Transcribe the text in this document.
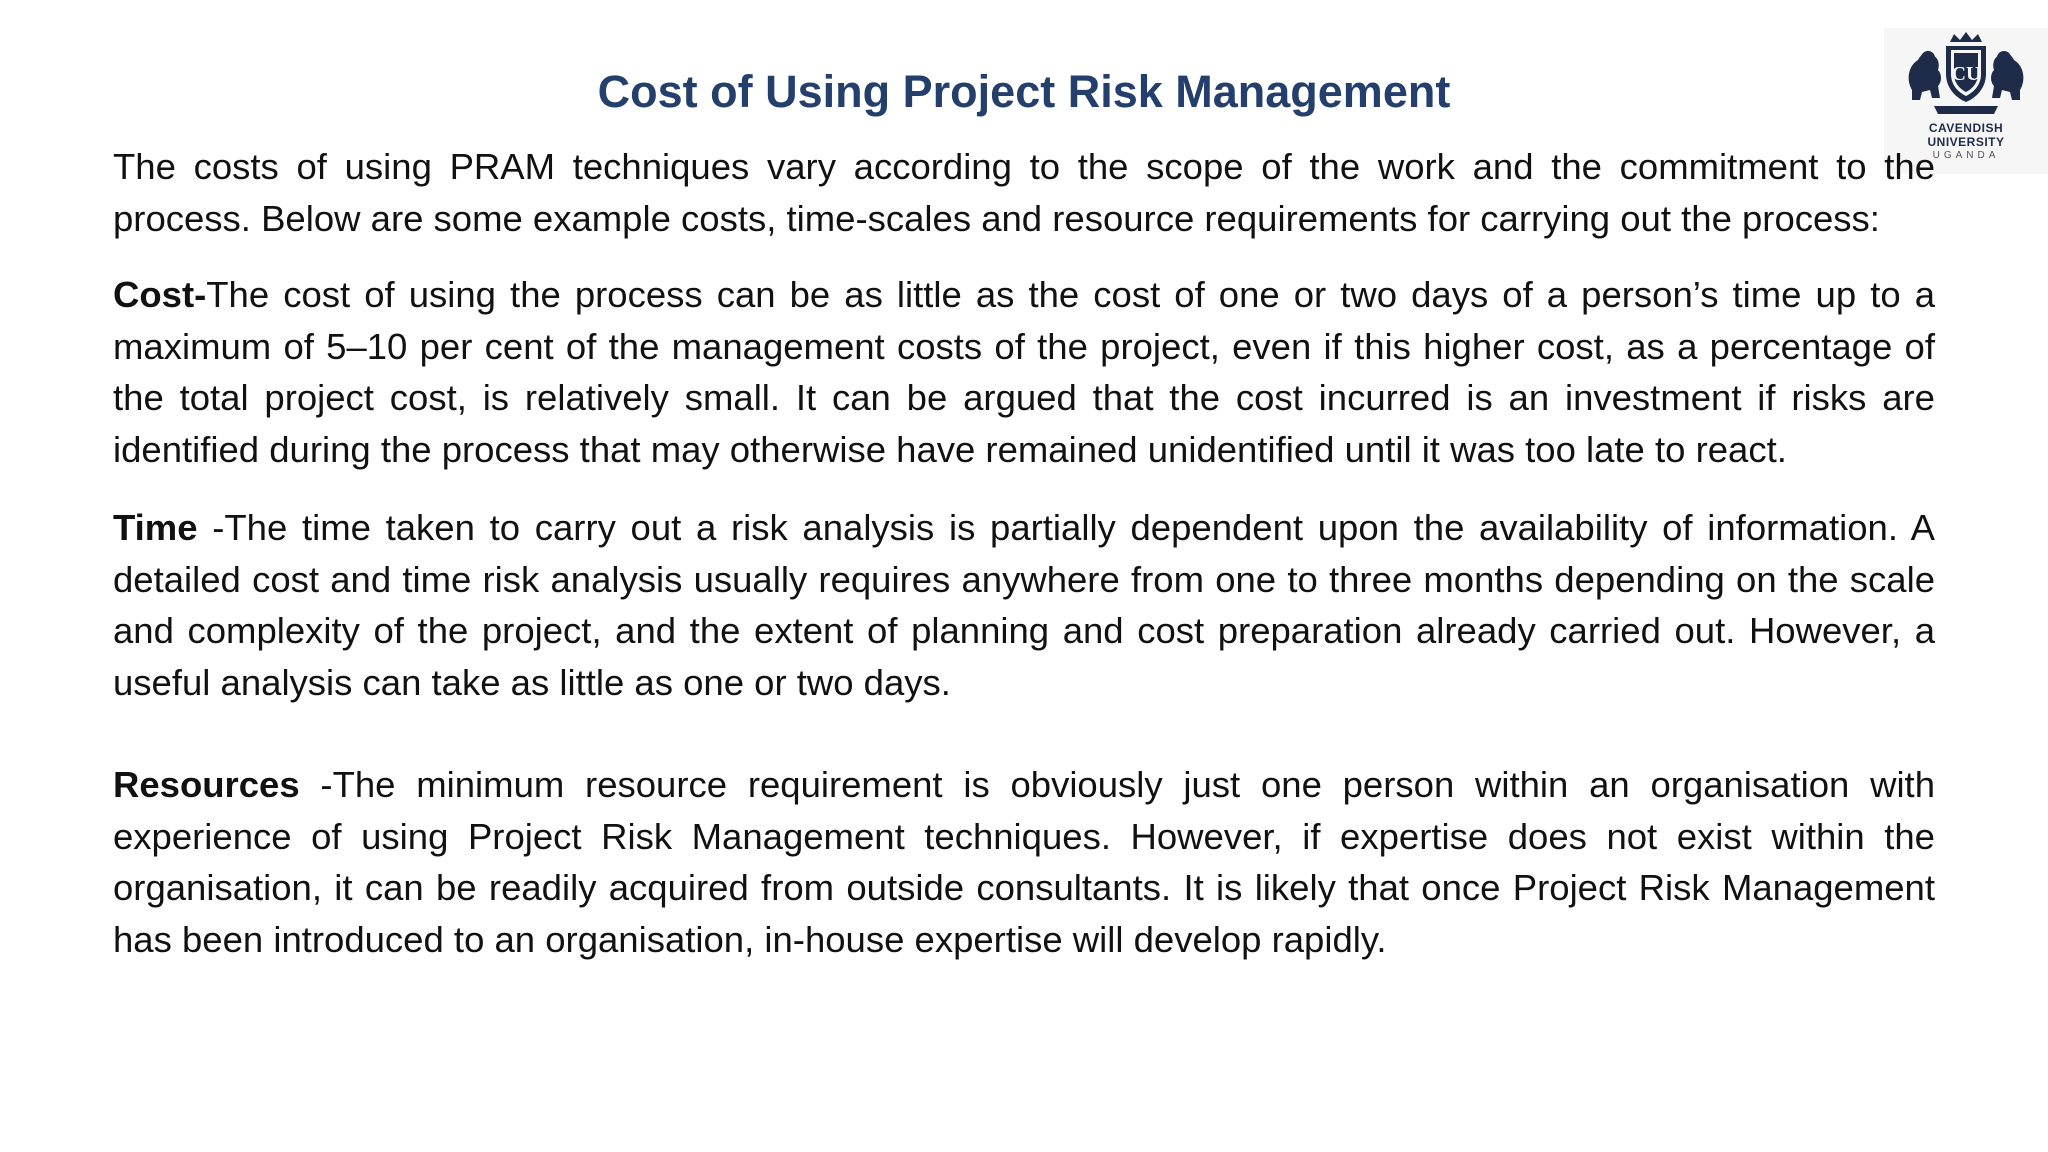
CU
CAVENDISH
UNIVERSITY
UGANDA
Cost of Using Project Risk Management

The costs of using PRAM techniques vary according to the scope of the work and the commitment to the process. Below are some example costs, time-scales and resource requirements for carrying out the process:

Cost-The cost of using the process can be as little as the cost of one or two days of a person’s time up to a maximum of 5–10 per cent of the management costs of the project, even if this higher cost, as a percentage of the total project cost, is relatively small. It can be argued that the cost incurred is an investment if risks are identified during the process that may otherwise have remained unidentified until it was too late to react.

Time -The time taken to carry out a risk analysis is partially dependent upon the availability of information. A detailed cost and time risk analysis usually requires anywhere from one to three months depending on the scale and complexity of the project, and the extent of planning and cost preparation already carried out. However, a useful analysis can take as little as one or two days.

Resources -The minimum resource requirement is obviously just one person within an organisation with experience of using Project Risk Management techniques. However, if expertise does not exist within the organisation, it can be readily acquired from outside consultants. It is likely that once Project Risk Management has been introduced to an organisation, in-house expertise will develop rapidly.
